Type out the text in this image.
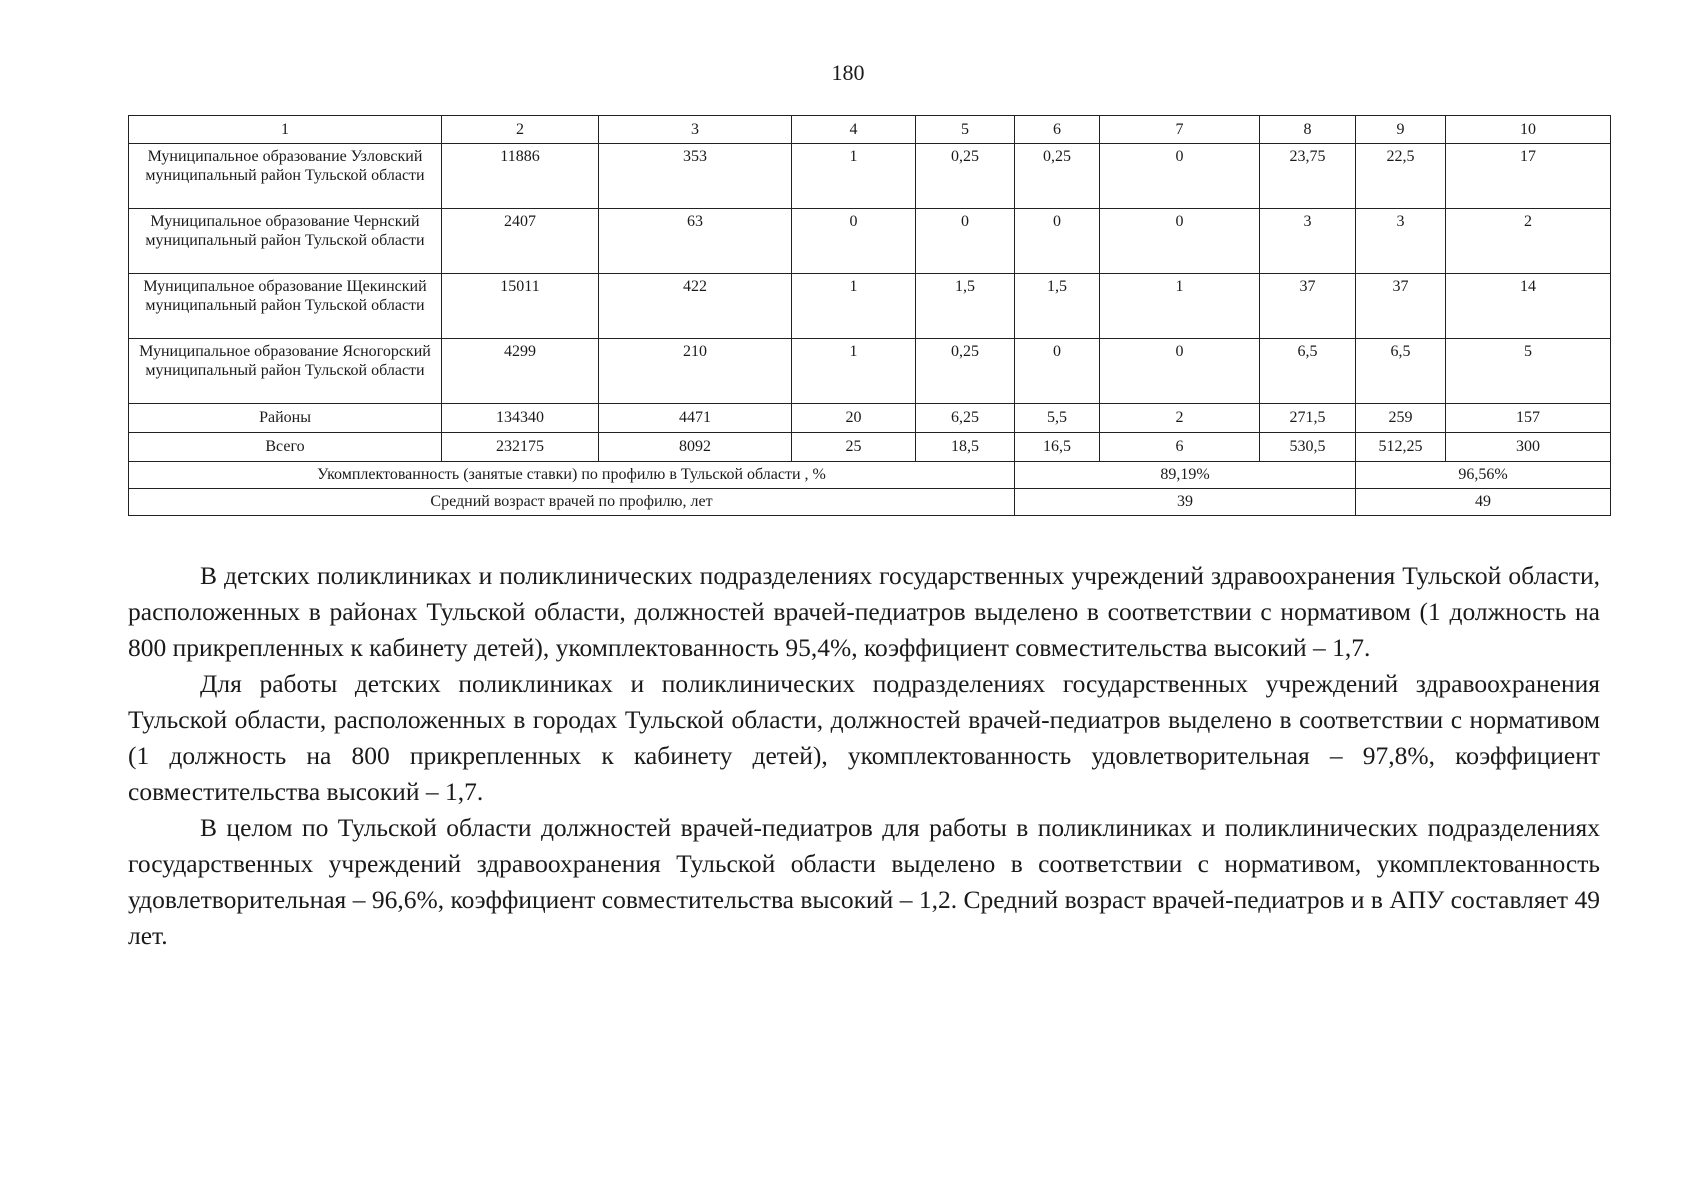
180
1	2	3	4	5	6	7	8	9	10
Муниципальное образование Узловский муниципальный район Тульской области	11886	353	1	0,25	0,25	0	23,75	22,5	17
Муниципальное образование Чернский муниципальный район Тульской области	2407	63	0	0	0	0	3	3	2
Муниципальное образование Щекинский муниципальный район Тульской области	15011	422	1	1,5	1,5	1	37	37	14
Муниципальное образование Ясногорский муниципальный район Тульской области	4299	210	1	0,25	0	0	6,5	6,5	5
Районы	134340	4471	20	6,25	5,5	2	271,5	259	157
Всего	232175	8092	25	18,5	16,5	6	530,5	512,25	300
Укомплектованность (занятые ставки) по профилю в Тульской области , %					89,19%			96,56%	
Средний возраст врачей по профилю, лет					39			49	

В детских поликлиниках и поликлинических подразделениях государственных учреждений здравоохранения Тульской области, расположенных в районах Тульской области, должностей врачей-педиатров выделено в соответствии с нормативом (1 должность на 800 прикрепленных к кабинету детей), укомплектованность 95,4%, коэффициент совместительства высокий – 1,7.

Для работы детских поликлиниках и поликлинических подразделениях государственных учреждений здравоохранения Тульской области, расположенных в городах Тульской области, должностей врачей-педиатров выделено в соответствии с нормативом (1 должность на 800 прикрепленных к кабинету детей), укомплектованность удовлетворительная – 97,8%, коэффициент совместительства высокий – 1,7.

В целом по Тульской области должностей врачей-педиатров для работы в поликлиниках и поликлинических подразделениях государственных учреждений здравоохранения Тульской области выделено в соответствии с нормативом, укомплектованность удовлетворительная – 96,6%, коэффициент совместительства высокий – 1,2. Средний возраст врачей-педиатров и в АПУ составляет 49 лет.
